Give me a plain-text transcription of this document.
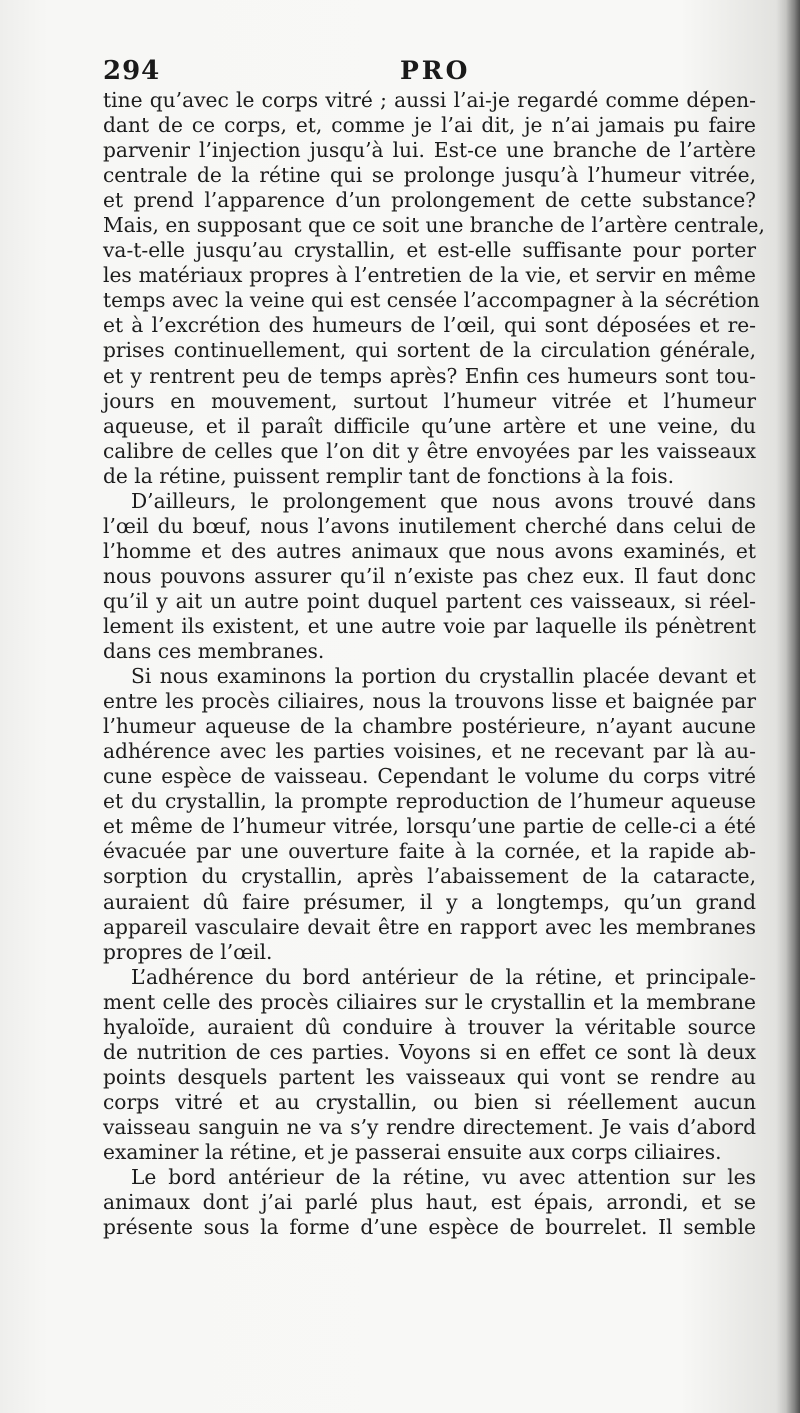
294	PRO
tine qu’avec le corps vitré ; aussi l’ai-je regardé comme dépen-
dant de ce corps, et, comme je l’ai dit, je n’ai jamais pu faire
parvenir l’injection jusqu’à lui. Est-ce une branche de l’artère
centrale de la rétine qui se prolonge jusqu’à l’humeur vitrée,
et prend l’apparence d’un prolongement de cette substance?
Mais, en supposant que ce soit une branche de l’artère centrale,
va-t-elle jusqu’au crystallin, et est-elle suffisante pour porter
les matériaux propres à l’entretien de la vie, et servir en même
temps avec la veine qui est censée l’accompagner à la sécrétion
et à l’excrétion des humeurs de l’œil, qui sont déposées et re-
prises continuellement, qui sortent de la circulation générale,
et y rentrent peu de temps après? Enfin ces humeurs sont tou-
jours en mouvement, surtout l’humeur vitrée et l’humeur
aqueuse, et il paraît difficile qu’une artère et une veine, du
calibre de celles que l’on dit y être envoyées par les vaisseaux
de la rétine, puissent remplir tant de fonctions à la fois.
D’ailleurs, le prolongement que nous avons trouvé dans
l’œil du bœuf, nous l’avons inutilement cherché dans celui de
l’homme et des autres animaux que nous avons examinés, et
nous pouvons assurer qu’il n’existe pas chez eux. Il faut donc
qu’il y ait un autre point duquel partent ces vaisseaux, si réel-
lement ils existent, et une autre voie par laquelle ils pénètrent
dans ces membranes.
Si nous examinons la portion du crystallin placée devant et
entre les procès ciliaires, nous la trouvons lisse et baignée par
l’humeur aqueuse de la chambre postérieure, n’ayant aucune
adhérence avec les parties voisines, et ne recevant par là au-
cune espèce de vaisseau. Cependant le volume du corps vitré
et du crystallin, la prompte reproduction de l’humeur aqueuse
et même de l’humeur vitrée, lorsqu’une partie de celle-ci a été
évacuée par une ouverture faite à la cornée, et la rapide ab-
sorption du crystallin, après l’abaissement de la cataracte,
auraient dû faire présumer, il y a longtemps, qu’un grand
appareil vasculaire devait être en rapport avec les membranes
propres de l’œil.
L’adhérence du bord antérieur de la rétine, et principale-
ment celle des procès ciliaires sur le crystallin et la membrane
hyaloïde, auraient dû conduire à trouver la véritable source
de nutrition de ces parties. Voyons si en effet ce sont là deux
points desquels partent les vaisseaux qui vont se rendre au
corps vitré et au crystallin, ou bien si réellement aucun
vaisseau sanguin ne va s’y rendre directement. Je vais d’abord
examiner la rétine, et je passerai ensuite aux corps ciliaires.
Le bord antérieur de la rétine, vu avec attention sur les
animaux dont j’ai parlé plus haut, est épais, arrondi, et se
présente sous la forme d’une espèce de bourrelet. Il semble
